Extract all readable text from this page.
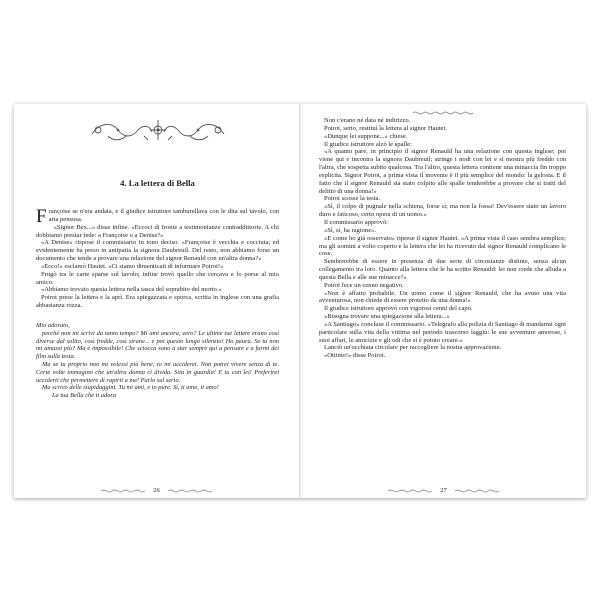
4. La lettera di Bella

Françoise se n'era andata, e il giudice istruttore tamburellava con le dita sul tavolo, con aria pensosa.

«Signor Bex...» disse infine. «Eccoci di fronte a testimonianze contraddittorie. A chi dobbiamo prestar fede: a Françoise o a Denise?»

«A Denise» rispose il commissario in tono deciso. «Françoise è vecchia e cocciuta; ed evidentemente ha preso in antipatia la signora Daubreuil. Del resto, non abbiamo forse un documento che tende a provare una relazione del signor Renauld con un'altra donna?»

«Ecco!» esclamò Hautet. «Ci siamo dimenticati di informare Poirot!»

Frugò tra le carte sparse sul tavolo; infine trovò quello che cercava e lo porse al mio amico.

«Abbiamo trovato questa lettera nella tasca del soprabito del morto.»

Poirot prese la lettera e la aprì. Era spiegazzata e sporca, scritta in inglese con una grafia abbastanza rozza.

Mio adorato,

perché non mi scrivi da tanto tempo? Mi ami ancora, vero? Le ultime tue lettere erano così diverse dal solito, così fredde, così strane... e poi questo lungo silenzio! Ho paura. Se tu non mi amassi più? Ma è impossibile! Che sciocca sono a star sempre qui a pensare e a farmi dei film sulla testa.

Ma se tu proprio non mi volessi più bene, io mi ucciderei. Non potrei vivere senza di te. Certe volte immagino che un'altra donna ci divida. Stia in guardia! E tu con lei! Preferirei ucciderti che permettere di rapirti a me! Parlo sul serio.

Ma scrivo delle stupidaggini. Tu mi ami, e io pure. Sì, ti amo, ti amo!

La tua Bella che ti adora

26

Non c'erano né data né indirizzo.

Poirot, serio, restituì la lettera al signor Hautet.

«Dunque lei suppone...» chiese.

Il giudice istruttore alzò le spalle:

«A quanto pare, in principio il signor Renauld ha una relazione con questa inglese; poi viene qui e incontra la signora Daubreuil; stringe i nodi con lei e si mostra più freddo con l'altra, che sospetta subito qualcosa. Tra l'altro, questa lettera contiene una minaccia fin troppo esplicita. Signor Poirot, a prima vista il movente è il più semplice del mondo: la gelosia. E il fatto che il signor Renauld sia stato colpito alle spalle tenderebbe a provare che si tratti del delitto di una donna!»

Poirot scosse la testa.

«Sì, il colpo di pugnale nella schiena, forse sì; ma non la fossa! Dev'essere stato un lavoro duro e faticoso, certo opera di un uomo.»

Il commissario approvò:

«Sì, sì, ha ragione».

«E come ho già osservato» riprese il signor Hautet. «A prima vista il caso sembra semplice; ma gli uomini a volto coperto e la lettera che lei ha ricevuto dal signor Renauld complicano le cose.

Sembrerebbe di essere in presenza di due serie di circostanze distinte, senza alcun collegamento tra loro. Quanto alla lettera che le ha scritto Renauld: lei non crede che alluda a questa Bella e alle sue minacce?»

Poirot fece un cenno negativo.

«Non è affatto probabile. Un uomo come il signor Renauld, che ha avuto una vita avventurosa, non chiede di essere protetto da una donna!»

Il giudice istruttore approvò con vigorosi cenni del capo.

«Bisogna trovare una spiegazione alla lettera...»

«A Santiago» concluse il commissario. «Telegrafo alla polizia di Santiago di mandarmi ogni particolare sulla vita della vittima nel periodo trascorso laggiù: le sue avventure amorose, i suoi affari, le amicizie e gli odi che si è potuto creare.»

Lanciò un'occhiata circolare per raccogliere la nostra approvazione.

«Ottimo!» disse Poirot.

27
